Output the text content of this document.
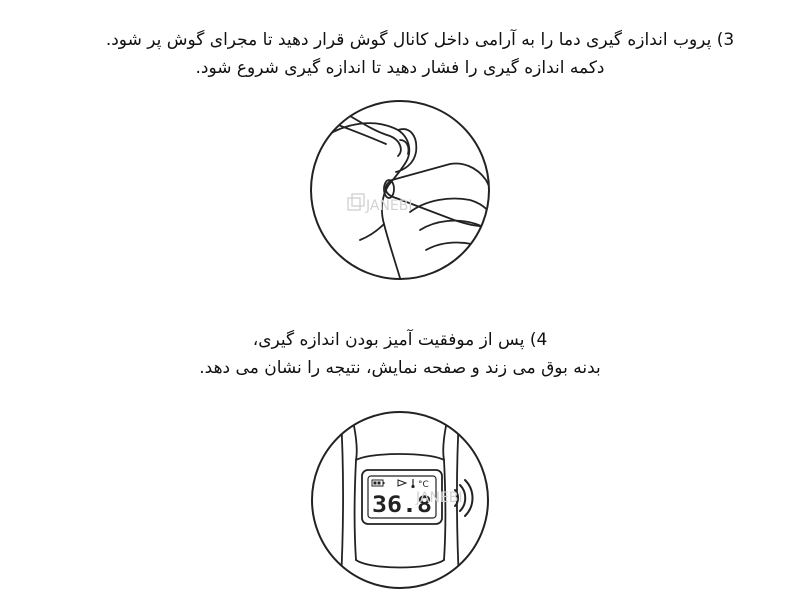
3) پروب اندازه گیری دما را به آرامی داخل کانال گوش قرار دهید تا مجرای گوش پر شود.

دکمه اندازه گیری را فشار دهید تا اندازه گیری شروع شود.

JANEBI

4) پس از موفقیت آمیز بودن اندازه گیری،

بدنه بوق می زند و صفحه نمایش، نتیجه را نشان می دهد.

°C
36.8
JANEBI
